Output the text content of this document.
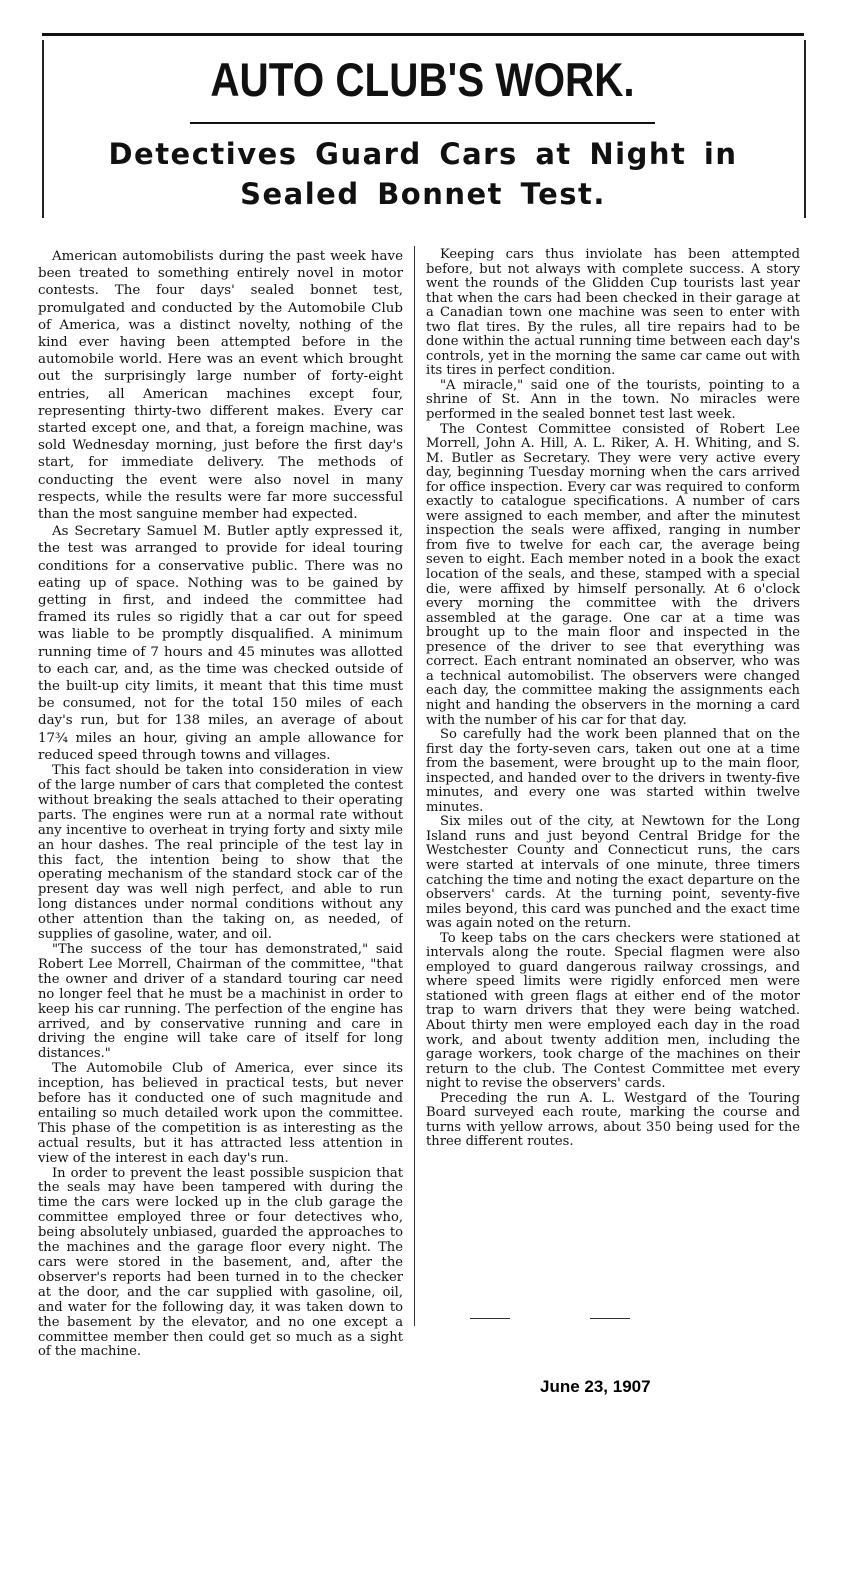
AUTO CLUB'S WORK.
Detectives Guard Cars at Night in Sealed Bonnet Test.

American automobilists during the past week have been treated to something entirely novel in motor contests. The four days' sealed bonnet test, promulgated and conducted by the Automobile Club of America, was a distinct novelty, nothing of the kind ever having been attempted before in the automobile world. Here was an event which brought out the surprisingly large number of forty-eight entries, all American machines except four, representing thirty-two different makes. Every car started except one, and that, a foreign machine, was sold Wednesday morning, just before the first day's start, for immediate delivery. The methods of conducting the event were also novel in many respects, while the results were far more successful than the most sanguine member had expected.

As Secretary Samuel M. Butler aptly expressed it, the test was arranged to provide for ideal touring conditions for a conservative public. There was no eating up of space. Nothing was to be gained by getting in first, and indeed the committee had framed its rules so rigidly that a car out for speed was liable to be promptly disqualified. A minimum running time of 7 hours and 45 minutes was allotted to each car, and, as the time was checked outside of the built-up city limits, it meant that this time must be consumed, not for the total 150 miles of each day's run, but for 138 miles, an average of about 17¾ miles an hour, giving an ample allowance for reduced speed through towns and villages.

This fact should be taken into consideration in view of the large number of cars that completed the contest without breaking the seals attached to their operating parts. The engines were run at a normal rate without any incentive to overheat in trying forty and sixty mile an hour dashes. The real principle of the test lay in this fact, the intention being to show that the operating mechanism of the standard stock car of the present day was well nigh perfect, and able to run long distances under normal conditions without any other attention than the taking on, as needed, of supplies of gasoline, water, and oil.

"The success of the tour has demonstrated," said Robert Lee Morrell, Chairman of the committee, "that the owner and driver of a standard touring car need no longer feel that he must be a machinist in order to keep his car running. The perfection of the engine has arrived, and by conservative running and care in driving the engine will take care of itself for long distances."

The Automobile Club of America, ever since its inception, has believed in practical tests, but never before has it conducted one of such magnitude and entailing so much detailed work upon the committee. This phase of the competition is as interesting as the actual results, but it has attracted less attention in view of the interest in each day's run.

In order to prevent the least possible suspicion that the seals may have been tampered with during the time the cars were locked up in the club garage the committee employed three or four detectives who, being absolutely unbiased, guarded the approaches to the machines and the garage floor every night. The cars were stored in the basement, and, after the observer's reports had been turned in to the checker at the door, and the car supplied with gasoline, oil, and water for the following day, it was taken down to the basement by the elevator, and no one except a committee member then could get so much as a sight of the machine.

Keeping cars thus inviolate has been attempted before, but not always with complete success. A story went the rounds of the Glidden Cup tourists last year that when the cars had been checked in their garage at a Canadian town one machine was seen to enter with two flat tires. By the rules, all tire repairs had to be done within the actual running time between each day's controls, yet in the morning the same car came out with its tires in perfect condition.

"A miracle," said one of the tourists, pointing to a shrine of St. Ann in the town. No miracles were performed in the sealed bonnet test last week.

The Contest Committee consisted of Robert Lee Morrell, John A. Hill, A. L. Riker, A. H. Whiting, and S. M. Butler as Secretary. They were very active every day, beginning Tuesday morning when the cars arrived for office inspection. Every car was required to conform exactly to catalogue specifications. A number of cars were assigned to each member, and after the minutest inspection the seals were affixed, ranging in number from five to twelve for each car, the average being seven to eight. Each member noted in a book the exact location of the seals, and these, stamped with a special die, were affixed by himself personally. At 6 o'clock every morning the committee with the drivers assembled at the garage. One car at a time was brought up to the main floor and inspected in the presence of the driver to see that everything was correct. Each entrant nominated an observer, who was a technical automobilist. The observers were changed each day, the committee making the assignments each night and handing the observers in the morning a card with the number of his car for that day.

So carefully had the work been planned that on the first day the forty-seven cars, taken out one at a time from the basement, were brought up to the main floor, inspected, and handed over to the drivers in twenty-five minutes, and every one was started within twelve minutes.

Six miles out of the city, at Newtown for the Long Island runs and just beyond Central Bridge for the Westchester County and Connecticut runs, the cars were started at intervals of one minute, three timers catching the time and noting the exact departure on the observers' cards. At the turning point, seventy-five miles beyond, this card was punched and the exact time was again noted on the return.

To keep tabs on the cars checkers were stationed at intervals along the route. Special flagmen were also employed to guard dangerous railway crossings, and where speed limits were rigidly enforced men were stationed with green flags at either end of the motor trap to warn drivers that they were being watched. About thirty men were employed each day in the road work, and about twenty addition men, including the garage workers, took charge of the machines on their return to the club. The Contest Committee met every night to revise the observers' cards.

Preceding the run A. L. Westgard of the Touring Board surveyed each route, marking the course and turns with yellow arrows, about 350 being used for the three different routes.

June 23, 1907
